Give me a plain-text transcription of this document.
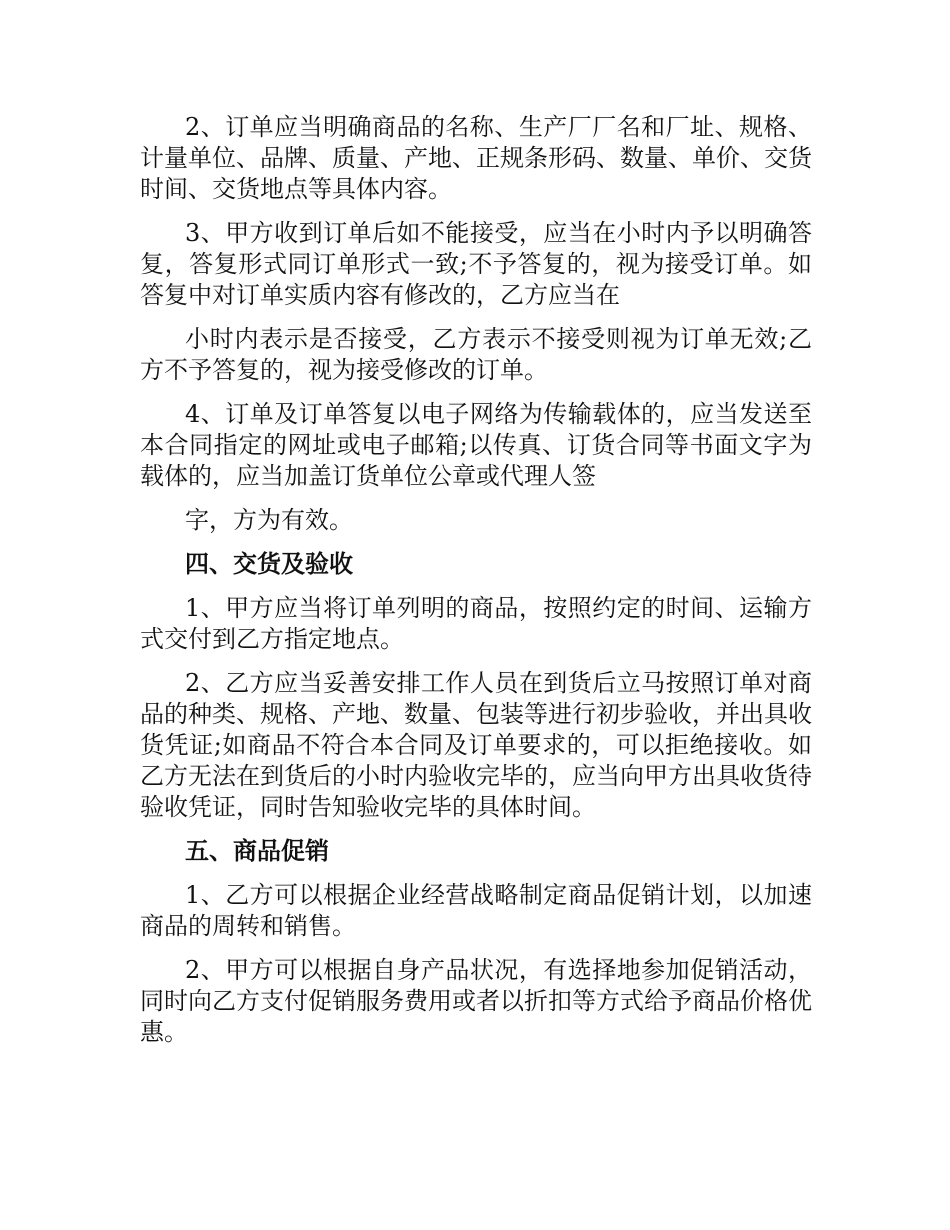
2、订单应当明确商品的名称、生产厂厂名和厂址、规格、计量单位、品牌、质量、产地、正规条形码、数量、单价、交货时间、交货地点等具体内容。

3、甲方收到订单后如不能接受，应当在小时内予以明确答复，答复形式同订单形式一致;不予答复的，视为接受订单。如答复中对订单实质内容有修改的，乙方应当在

小时内表示是否接受，乙方表示不接受则视为订单无效;乙方不予答复的，视为接受修改的订单。

4、订单及订单答复以电子网络为传输载体的，应当发送至本合同指定的网址或电子邮箱;以传真、订货合同等书面文字为载体的，应当加盖订货单位公章或代理人签

字，方为有效。

四、交货及验收

1、甲方应当将订单列明的商品，按照约定的时间、运输方式交付到乙方指定地点。

2、乙方应当妥善安排工作人员在到货后立马按照订单对商品的种类、规格、产地、数量、包装等进行初步验收，并出具收货凭证;如商品不符合本合同及订单要求的，可以拒绝接收。如乙方无法在到货后的小时内验收完毕的，应当向甲方出具收货待验收凭证，同时告知验收完毕的具体时间。

五、商品促销

1、乙方可以根据企业经营战略制定商品促销计划，以加速商品的周转和销售。

2、甲方可以根据自身产品状况，有选择地参加促销活动，同时向乙方支付促销服务费用或者以折扣等方式给予商品价格优惠。
